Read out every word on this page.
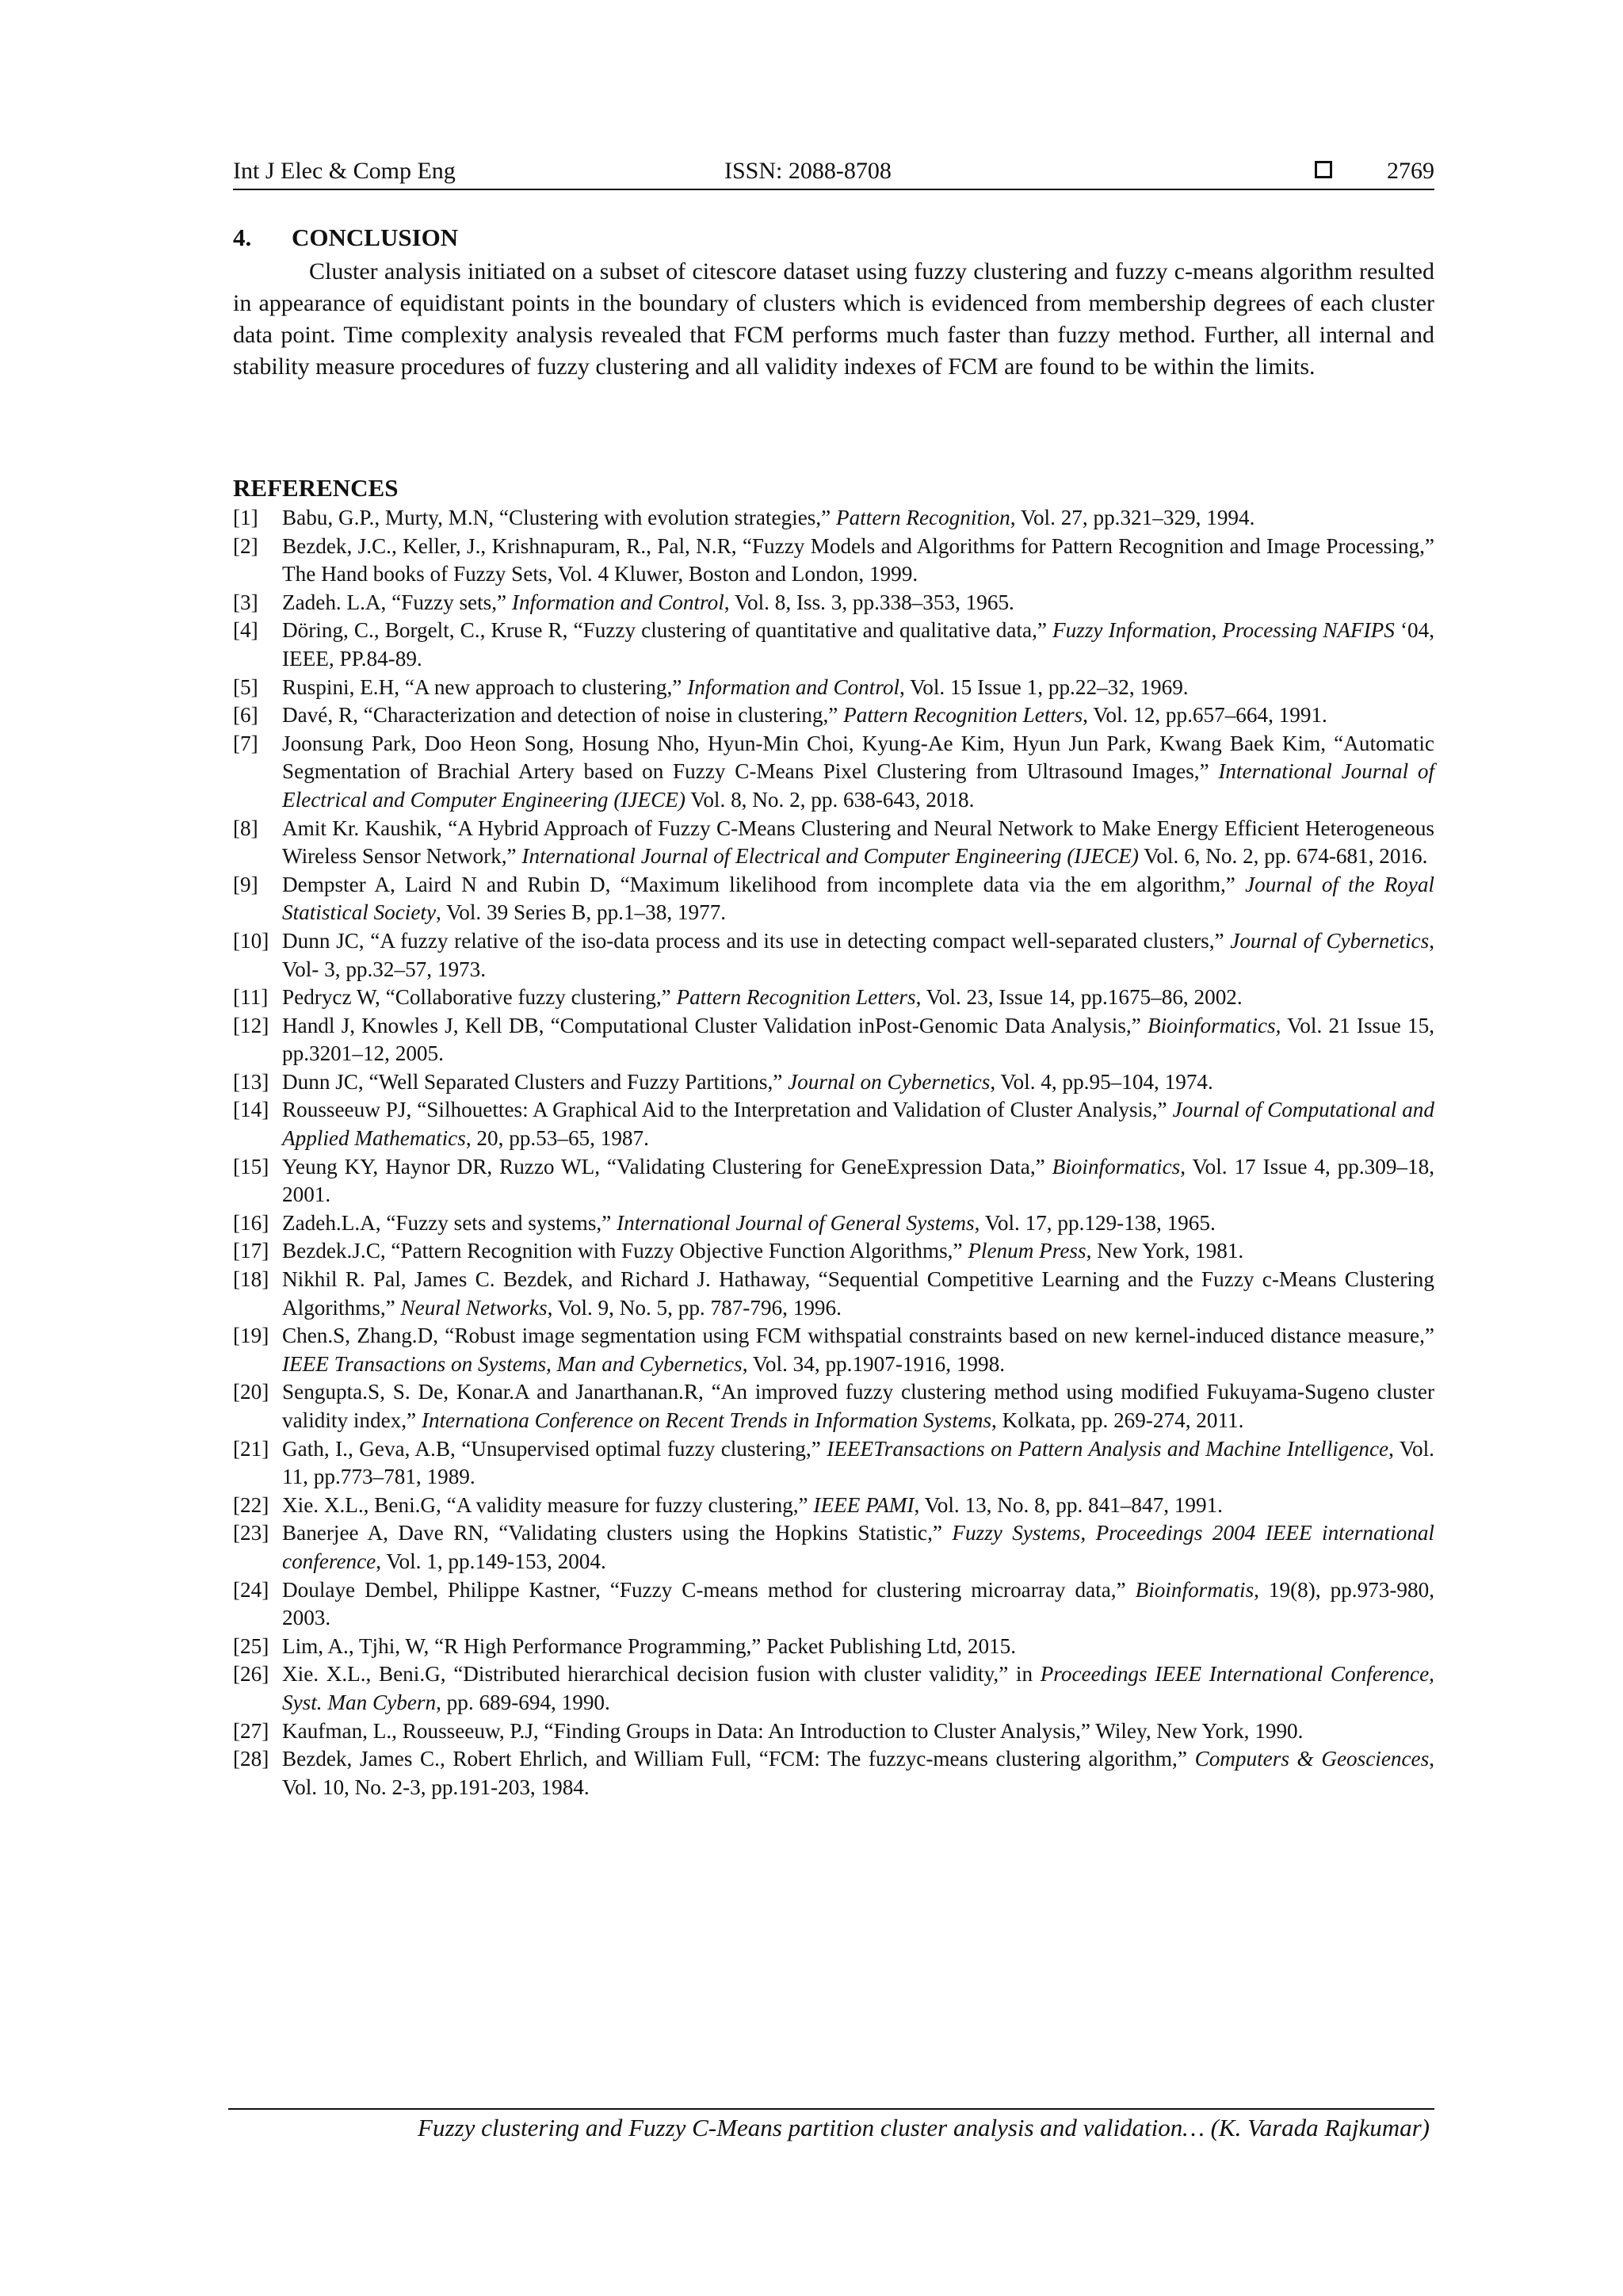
Int J Elec & Comp Eng	ISSN: 2088-8708	2769
4. CONCLUSION

Cluster analysis initiated on a subset of citescore dataset using fuzzy clustering and fuzzy c-means algorithm resulted in appearance of equidistant points in the boundary of clusters which is evidenced from membership degrees of each cluster data point. Time complexity analysis revealed that FCM performs much faster than fuzzy method. Further, all internal and stability measure procedures of fuzzy clustering and all validity indexes of FCM are found to be within the limits.

REFERENCES
[1] Babu, G.P., Murty, M.N, “Clustering with evolution strategies,” Pattern Recognition, Vol. 27, pp.321–329, 1994.
[2] Bezdek, J.C., Keller, J., Krishnapuram, R., Pal, N.R, “Fuzzy Models and Algorithms for Pattern Recognition and Image Processing,” The Hand books of Fuzzy Sets, Vol. 4 Kluwer, Boston and London, 1999.
[3] Zadeh. L.A, “Fuzzy sets,” Information and Control, Vol. 8, Iss. 3, pp.338–353, 1965.
[4] Döring, C., Borgelt, C., Kruse R, “Fuzzy clustering of quantitative and qualitative data,” Fuzzy Information, Processing NAFIPS ‘04, IEEE, PP.84-89.
[5] Ruspini, E.H, “A new approach to clustering,” Information and Control, Vol. 15 Issue 1, pp.22–32, 1969.
[6] Davé, R, “Characterization and detection of noise in clustering,” Pattern Recognition Letters, Vol. 12, pp.657–664, 1991.
[7] Joonsung Park, Doo Heon Song, Hosung Nho, Hyun-Min Choi, Kyung-Ae Kim, Hyun Jun Park, Kwang Baek Kim, “Automatic Segmentation of Brachial Artery based on Fuzzy C-Means Pixel Clustering from Ultrasound Images,” International Journal of Electrical and Computer Engineering (IJECE) Vol. 8, No. 2, pp. 638-643, 2018.
[8] Amit Kr. Kaushik, “A Hybrid Approach of Fuzzy C-Means Clustering and Neural Network to Make Energy Efficient Heterogeneous Wireless Sensor Network,” International Journal of Electrical and Computer Engineering (IJECE) Vol. 6, No. 2, pp. 674-681, 2016.
[9] Dempster A, Laird N and Rubin D, “Maximum likelihood from incomplete data via the em algorithm,” Journal of the Royal Statistical Society, Vol. 39 Series B, pp.1–38, 1977.
[10] Dunn JC, “A fuzzy relative of the iso-data process and its use in detecting compact well-separated clusters,” Journal of Cybernetics, Vol- 3, pp.32–57, 1973.
[11] Pedrycz W, “Collaborative fuzzy clustering,” Pattern Recognition Letters, Vol. 23, Issue 14, pp.1675–86, 2002.
[12] Handl J, Knowles J, Kell DB, “Computational Cluster Validation inPost-Genomic Data Analysis,” Bioinformatics, Vol. 21 Issue 15, pp.3201–12, 2005.
[13] Dunn JC, “Well Separated Clusters and Fuzzy Partitions,” Journal on Cybernetics, Vol. 4, pp.95–104, 1974.
[14] Rousseeuw PJ, “Silhouettes: A Graphical Aid to the Interpretation and Validation of Cluster Analysis,” Journal of Computational and Applied Mathematics, 20, pp.53–65, 1987.
[15] Yeung KY, Haynor DR, Ruzzo WL, “Validating Clustering for GeneExpression Data,” Bioinformatics, Vol. 17 Issue 4, pp.309–18, 2001.
[16] Zadeh.L.A, “Fuzzy sets and systems,” International Journal of General Systems, Vol. 17, pp.129-138, 1965.
[17] Bezdek.J.C, “Pattern Recognition with Fuzzy Objective Function Algorithms,” Plenum Press, New York, 1981.
[18] Nikhil R. Pal, James C. Bezdek, and Richard J. Hathaway, “Sequential Competitive Learning and the Fuzzy c-Means Clustering Algorithms,” Neural Networks, Vol. 9, No. 5, pp. 787-796, 1996.
[19] Chen.S, Zhang.D, “Robust image segmentation using FCM withspatial constraints based on new kernel-induced distance measure,” IEEE Transactions on Systems, Man and Cybernetics, Vol. 34, pp.1907-1916, 1998.
[20] Sengupta.S, S. De, Konar.A and Janarthanan.R, “An improved fuzzy clustering method using modified Fukuyama-Sugeno cluster validity index,” Internationa Conference on Recent Trends in Information Systems, Kolkata, pp. 269-274, 2011.
[21] Gath, I., Geva, A.B, “Unsupervised optimal fuzzy clustering,” IEEETransactions on Pattern Analysis and Machine Intelligence, Vol. 11, pp.773–781, 1989.
[22] Xie. X.L., Beni.G, “A validity measure for fuzzy clustering,” IEEE PAMI, Vol. 13, No. 8, pp. 841–847, 1991.
[23] Banerjee A, Dave RN, “Validating clusters using the Hopkins Statistic,” Fuzzy Systems, Proceedings 2004 IEEE international conference, Vol. 1, pp.149-153, 2004.
[24] Doulaye Dembel, Philippe Kastner, “Fuzzy C-means method for clustering microarray data,” Bioinformatis, 19(8), pp.973-980, 2003.
[25] Lim, A., Tjhi, W, “R High Performance Programming,” Packet Publishing Ltd, 2015.
[26] Xie. X.L., Beni.G, “Distributed hierarchical decision fusion with cluster validity,” in Proceedings IEEE International Conference, Syst. Man Cybern, pp. 689-694, 1990.
[27] Kaufman, L., Rousseeuw, P.J, “Finding Groups in Data: An Introduction to Cluster Analysis,” Wiley, New York, 1990.
[28] Bezdek, James C., Robert Ehrlich, and William Full, “FCM: The fuzzyc-means clustering algorithm,” Computers & Geosciences, Vol. 10, No. 2-3, pp.191-203, 1984.
Fuzzy clustering and Fuzzy C-Means partition cluster analysis and validation… (K. Varada Rajkumar)
